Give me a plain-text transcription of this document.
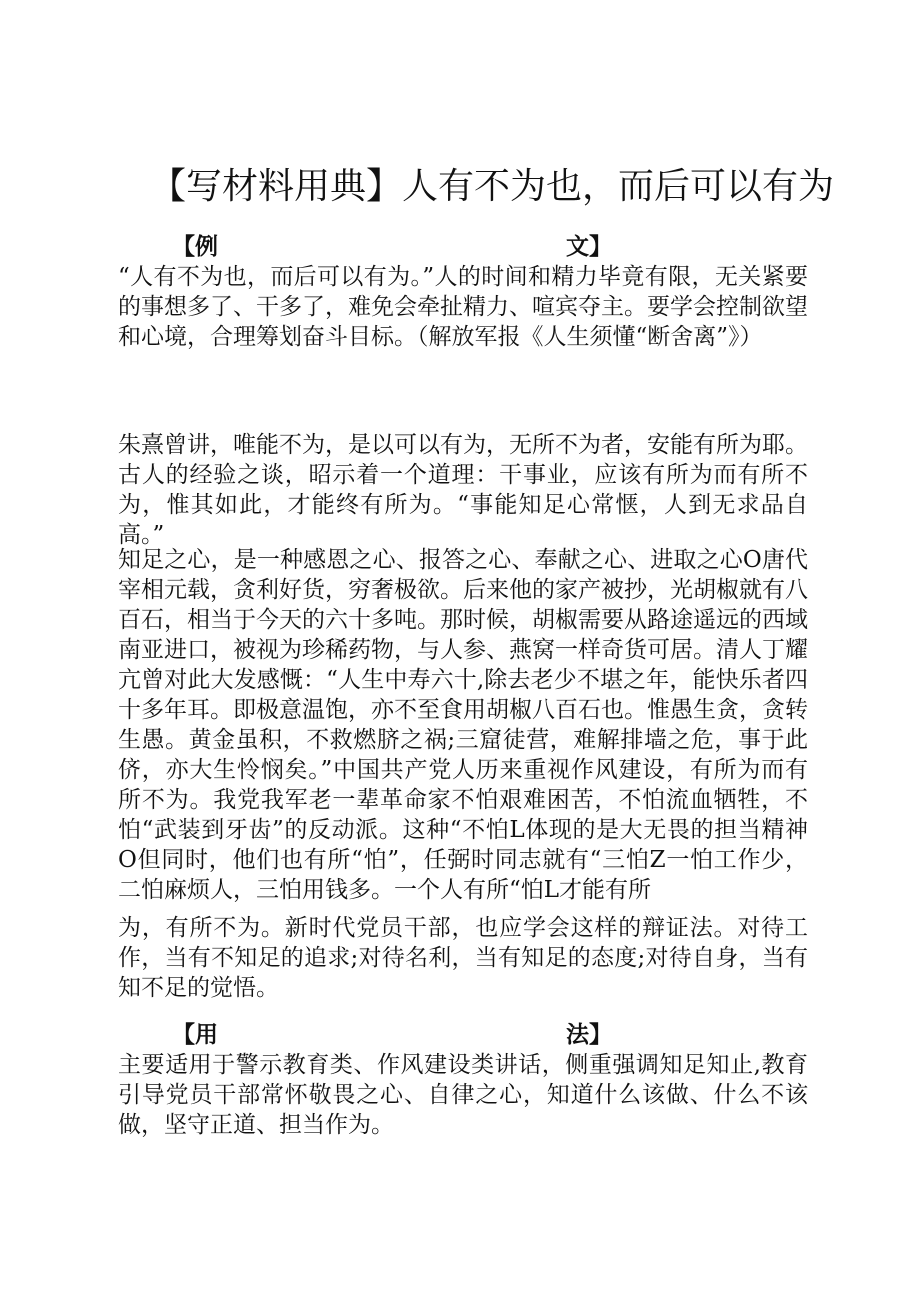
【写材料用典】人有不为也，而后可以有为
【例	文】
“人有不为也，而后可以有为。”人的时间和精力毕竟有限，无关紧要的事想多了、干多了，难免会牵扯精力、喧宾夺主。要学会控制欲望和心境，合理筹划奋斗目标。（解放军报《人生须懂“断舍离”》）
朱熹曾讲，唯能不为，是以可以有为，无所不为者，安能有所为耶。古人的经验之谈，昭示着一个道理：干事业，应该有所为而有所不为，惟其如此，才能终有所为。“事能知足心常惬，人到无求品自高。”
知足之心，是一种感恩之心、报答之心、奉献之心、进取之心O唐代宰相元载，贪利好货，穷奢极欲。后来他的家产被抄，光胡椒就有八百石，相当于今天的六十多吨。那时候，胡椒需要从路途遥远的西域南亚进口，被视为珍稀药物，与人参、燕窝一样奇货可居。清人丁耀亢曾对此大发感慨：“人生中寿六十,除去老少不堪之年，能快乐者四十多年耳。即极意温饱，亦不至食用胡椒八百石也。惟愚生贪，贪转生愚。黄金虽积，不救燃脐之祸;三窟徒营，难解排墙之危，事于此侪，亦大生怜悯矣。”中国共产党人历来重视作风建设，有所为而有所不为。我党我军老一辈革命家不怕艰难困苦，不怕流血牺牲，不怕“武装到牙齿”的反动派。这种“不怕L体现的是大无畏的担当精神O但同时，他们也有所“怕”，任弼时同志就有“三怕Z一怕工作少，二怕麻烦人，三怕用钱多。一个人有所“怕L才能有所
为，有所不为。新时代党员干部，也应学会这样的辩证法。对待工作，当有不知足的追求;对待名利，当有知足的态度;对待自身，当有知不足的觉悟。
【用	法】
主要适用于警示教育类、作风建设类讲话，侧重强调知足知止,教育引导党员干部常怀敬畏之心、自律之心，知道什么该做、什么不该做，坚守正道、担当作为。
